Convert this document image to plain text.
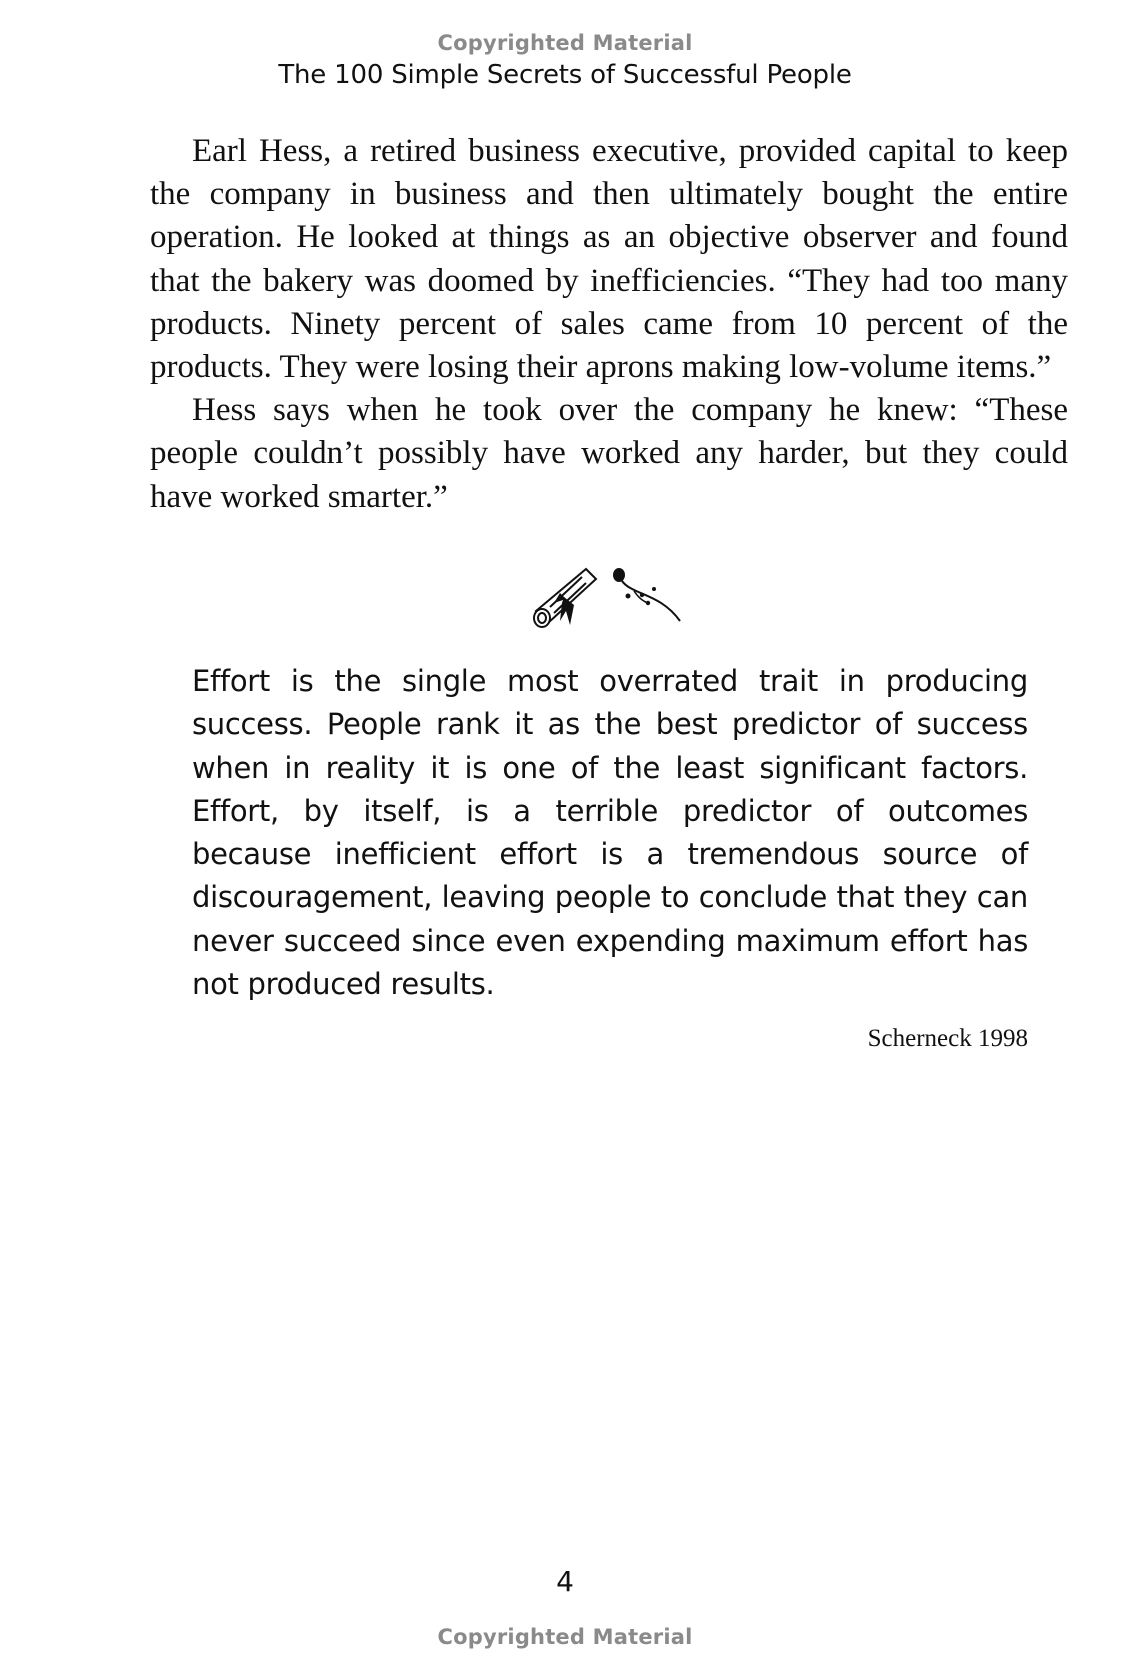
Copyrighted Material
The 100 Simple Secrets of Successful People

Earl Hess, a retired business executive, provided capital to keep the company in business and then ultimately bought the entire operation. He looked at things as an objective observer and found that the bakery was doomed by inefficiencies. “They had too many products. Ninety percent of sales came from 10 percent of the products. They were losing their aprons making low-volume items.”

Hess says when he took over the company he knew: “These people couldn’t possibly have worked any harder, but they could have worked smarter.”

Effort is the single most overrated trait in producing success. People rank it as the best predictor of success when in reality it is one of the least significant factors. Effort, by itself, is a terrible predictor of outcomes because inefficient effort is a tremendous source of discouragement, leaving people to conclude that they can never succeed since even expending maximum effort has not produced results.

Scherneck 1998
4
Copyrighted Material
